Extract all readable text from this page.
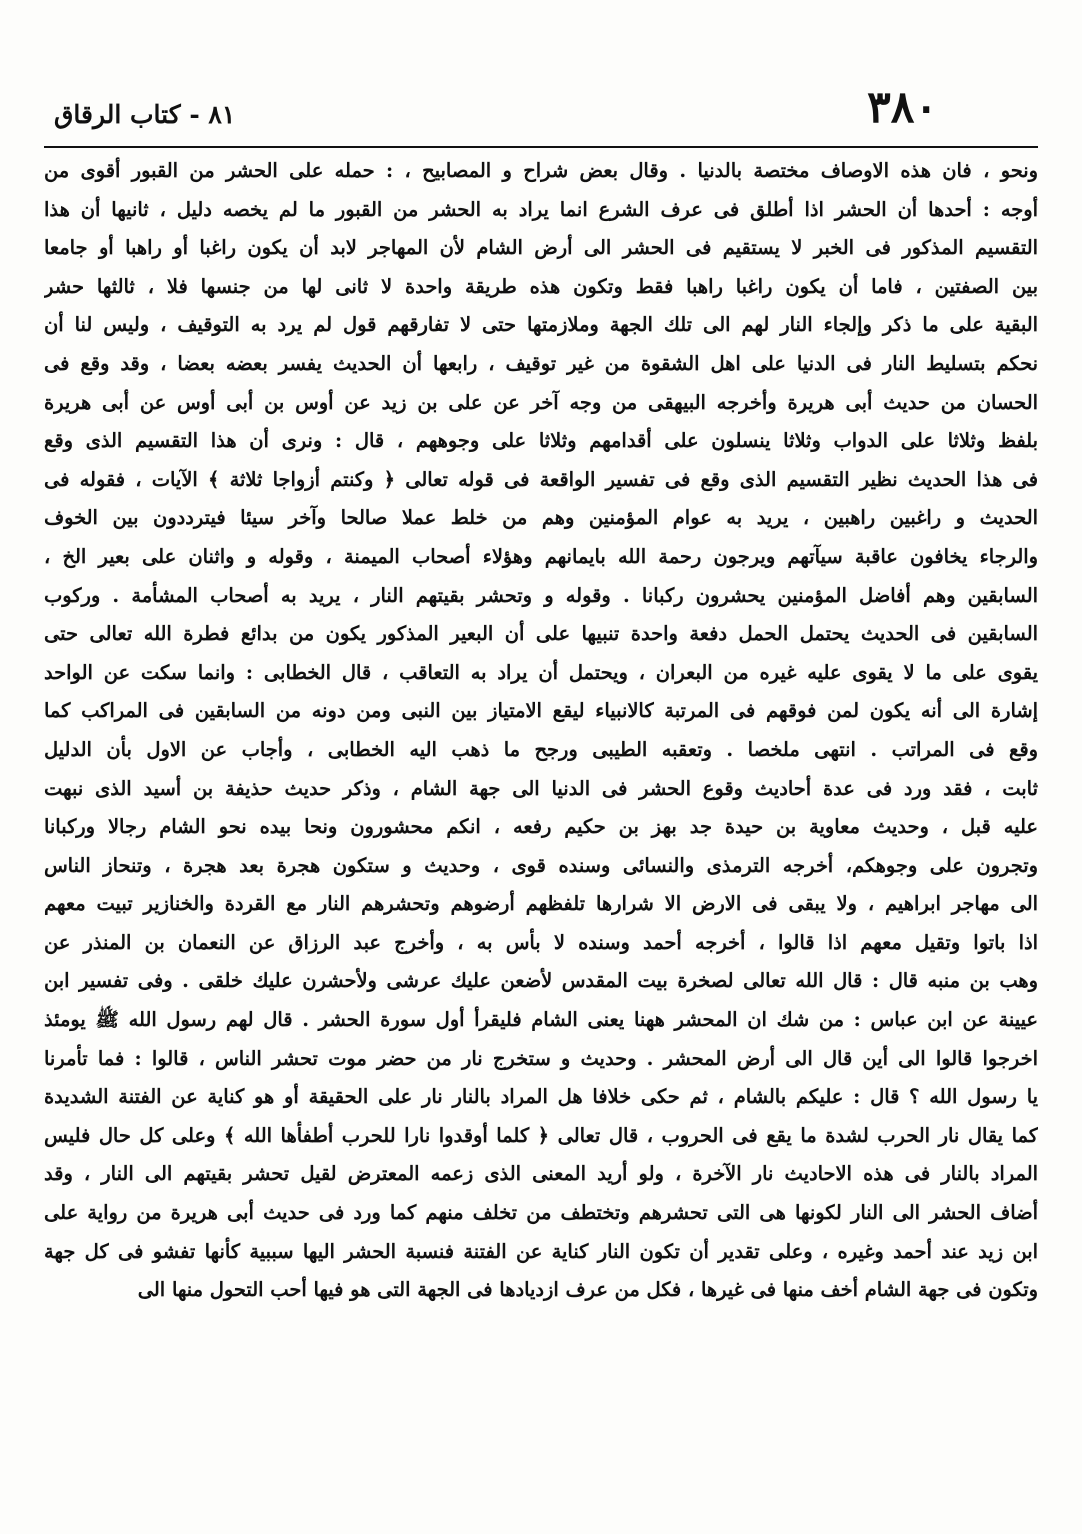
٣٨٠
٨١ - كتاب الرقاق
ونحو ، فان هذه الاوصاف مختصة بالدنيا . وقال بعض شراح و المصابيح ، : حمله على الحشر من القبور أقوى من
أوجه : أحدها أن الحشر اذا أطلق فى عرف الشرع انما يراد به الحشر من القبور ما لم يخصه دليل ، ثانيها أن هذا
التقسيم المذكور فى الخبر لا يستقيم فى الحشر الى أرض الشام لأن المهاجر لابد أن يكون راغبا أو راهبا أو جامعا
بين الصفتين ، فاما أن يكون راغبا راهبا فقط وتكون هذه طريقة واحدة لا ثانى لها من جنسها فلا ، ثالثها حشر
البقية على ما ذكر وإلجاء النار لهم الى تلك الجهة وملازمتها حتى لا تفارقهم قول لم يرد به التوقيف ، وليس لنا أن
نحكم بتسليط النار فى الدنيا على اهل الشقوة من غير توقيف ، رابعها أن الحديث يفسر بعضه بعضا ، وقد وقع فى
الحسان من حديث أبى هريرة وأخرجه البيهقى من وجه آخر عن على بن زيد عن أوس بن أبى أوس عن أبى هريرة
بلفظ وثلاثا على الدواب وثلاثا ينسلون على أقدامهم وثلاثا على وجوههم ، قال : ونرى أن هذا التقسيم الذى وقع
فى هذا الحديث نظير التقسيم الذى وقع فى تفسير الواقعة فى قوله تعالى ﴿ وكنتم أزواجا ثلاثة ﴾ الآيات ، فقوله فى
الحديث و راغبين راهبين ، يريد به عوام المؤمنين وهم من خلط عملا صالحا وآخر سيئا فيترددون بين الخوف
والرجاء يخافون عاقبة سيآتهم ويرجون رحمة الله بايمانهم وهؤلاء أصحاب الميمنة ، وقوله و واثنان على بعير الخ ،
السابقين وهم أفاضل المؤمنين يحشرون ركبانا . وقوله و وتحشر بقيتهم النار ، يريد به أصحاب المشأمة . وركوب
السابقين فى الحديث يحتمل الحمل دفعة واحدة تنبيها على أن البعير المذكور يكون من بدائع فطرة الله تعالى حتى
يقوى على ما لا يقوى عليه غيره من البعران ، ويحتمل أن يراد به التعاقب ، قال الخطابى : وانما سكت عن الواحد
إشارة الى أنه يكون لمن فوقهم فى المرتبة كالانبياء ليقع الامتياز بين النبى ومن دونه من السابقين فى المراكب كما
وقع فى المراتب . انتهى ملخصا . وتعقبه الطيبى ورجح ما ذهب اليه الخطابى ، وأجاب عن الاول بأن الدليل
ثابت ، فقد ورد فى عدة أحاديث وقوع الحشر فى الدنيا الى جهة الشام ، وذكر حديث حذيفة بن أسيد الذى نبهت
عليه قبل ، وحديث معاوية بن حيدة جد بهز بن حكيم رفعه ، انكم محشورون ونحا بيده نحو الشام رجالا وركبانا
وتجرون على وجوهكم، أخرجه الترمذى والنسائى وسنده قوى ، وحديث و ستكون هجرة بعد هجرة ، وتنحاز الناس
الى مهاجر ابراهيم ، ولا يبقى فى الارض الا شرارها تلفظهم أرضوهم وتحشرهم النار مع القردة والخنازير تبيت معهم
اذا باتوا وتقيل معهم اذا قالوا ، أخرجه أحمد وسنده لا بأس به ، وأخرج عبد الرزاق عن النعمان بن المنذر عن
وهب بن منبه قال : قال الله تعالى لصخرة بيت المقدس لأضعن عليك عرشى ولأحشرن عليك خلقى . وفى تفسير ابن
عيينة عن ابن عباس : من شك ان المحشر ههنا يعنى الشام فليقرأ أول سورة الحشر . قال لهم رسول الله ﷺ يومئذ
اخرجوا قالوا الى أين قال الى أرض المحشر . وحديث و ستخرج نار من حضر موت تحشر الناس ، قالوا : فما تأمرنا
يا رسول الله ؟ قال : عليكم بالشام ، ثم حكى خلافا هل المراد بالنار نار على الحقيقة أو هو كناية عن الفتنة الشديدة
كما يقال نار الحرب لشدة ما يقع فى الحروب ، قال تعالى ﴿ كلما أوقدوا نارا للحرب أطفأها الله ﴾ وعلى كل حال فليس
المراد بالنار فى هذه الاحاديث نار الآخرة ، ولو أريد المعنى الذى زعمه المعترض لقيل تحشر بقيتهم الى النار ، وقد
أضاف الحشر الى النار لكونها هى التى تحشرهم وتختطف من تخلف منهم كما ورد فى حديث أبى هريرة من رواية على
ابن زيد عند أحمد وغيره ، وعلى تقدير أن تكون النار كناية عن الفتنة فنسبة الحشر اليها سببية كأنها تفشو فى كل جهة
وتكون فى جهة الشام أخف منها فى غيرها ، فكل من عرف ازديادها فى الجهة التى هو فيها أحب التحول منها الى
